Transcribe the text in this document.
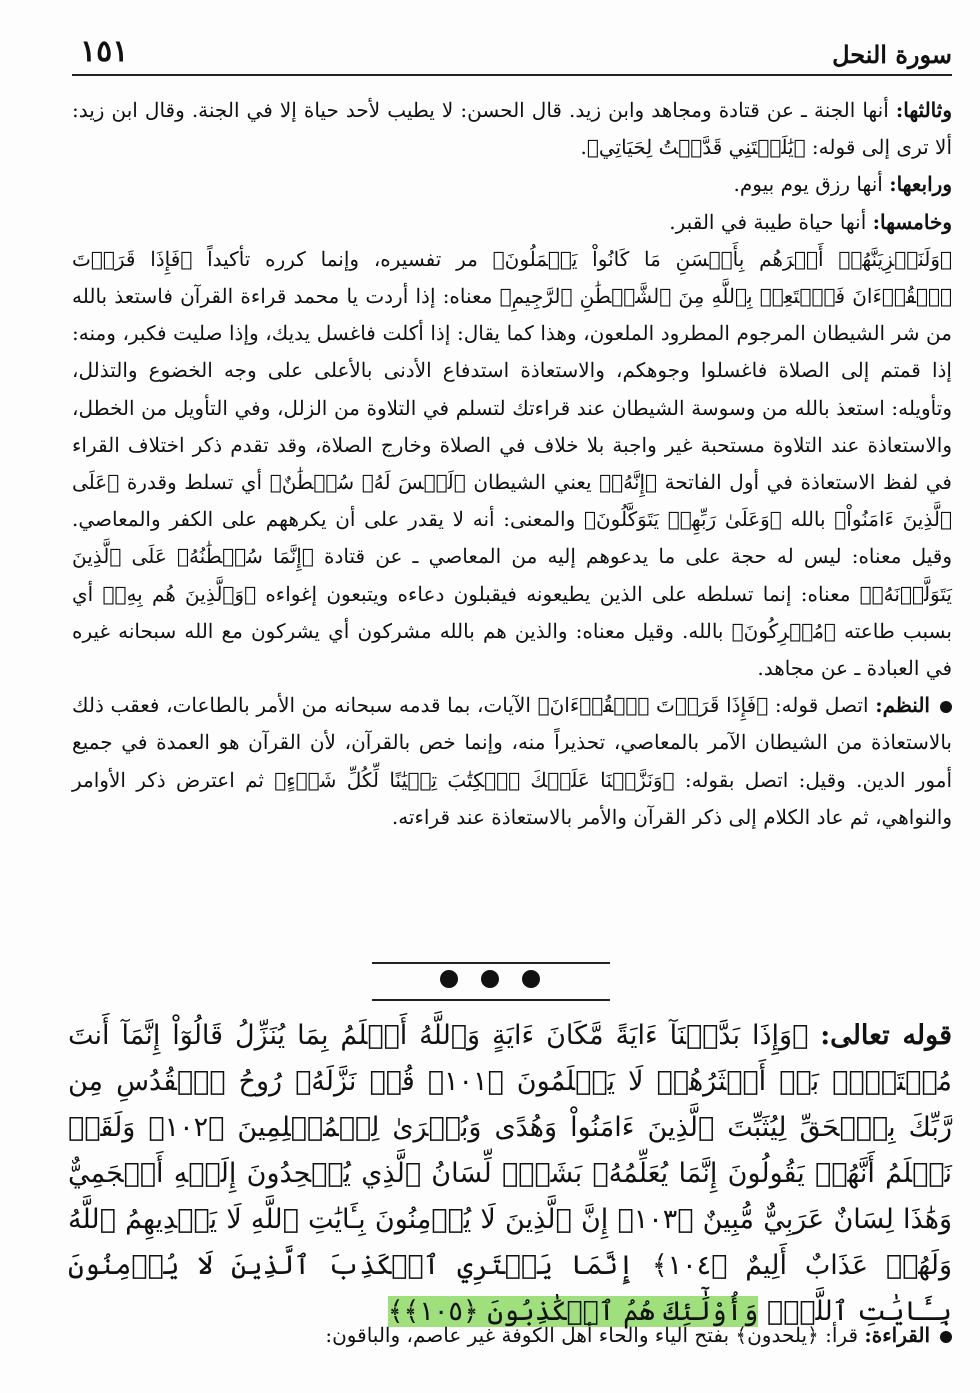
سورة النحل
١٥١

وثالثها: أنها الجنة ـ عن قتادة ومجاهد وابن زيد. قال الحسن: لا يطيب لأحد حياة إلا في الجنة. وقال ابن زيد: ألا ترى إلى قوله: ﴿يَٰلَيۡتَنِي قَدَّمۡتُ لِحَيَاتِي﴾.

ورابعها: أنها رزق يوم بيوم.

وخامسها: أنها حياة طيبة في القبر.

﴿وَلَنَجۡزِيَنَّهُمۡ أَجۡرَهُم بِأَحۡسَنِ مَا كَانُواْ يَعۡمَلُونَ﴾ مر تفسيره، وإنما كرره تأكيداً ﴿فَإِذَا قَرَأۡتَ ٱلۡقُرۡءَانَ فَٱسۡتَعِذۡ بِٱللَّهِ مِنَ ٱلشَّيۡطَٰنِ ٱلرَّجِيمِ﴾ معناه: إذا أردت يا محمد قراءة القرآن فاستعذ بالله من شر الشيطان المرجوم المطرود الملعون، وهذا كما يقال: إذا أكلت فاغسل يديك، وإذا صليت فكبر، ومنه: إذا قمتم إلى الصلاة فاغسلوا وجوهكم، والاستعاذة استدفاع الأدنى بالأعلى على وجه الخضوع والتذلل، وتأويله: استعذ بالله من وسوسة الشيطان عند قراءتك لتسلم في التلاوة من الزلل، وفي التأويل من الخطل، والاستعاذة عند التلاوة مستحبة غير واجبة بلا خلاف في الصلاة وخارج الصلاة، وقد تقدم ذكر اختلاف القراء في لفظ الاستعاذة في أول الفاتحة ﴿إِنَّهُۥ﴾ يعني الشيطان ﴿لَيۡسَ لَهُۥ سُلۡطَٰنٌ﴾ أي تسلط وقدرة ﴿عَلَى ٱلَّذِينَ ءَامَنُواْ﴾ بالله ﴿وَعَلَىٰ رَبِّهِمۡ يَتَوَكَّلُونَ﴾ والمعنى: أنه لا يقدر على أن يكرههم على الكفر والمعاصي. وقيل معناه: ليس له حجة على ما يدعوهم إليه من المعاصي ـ عن قتادة ﴿إِنَّمَا سُلۡطَٰنُهُۥ عَلَى ٱلَّذِينَ يَتَوَلَّوۡنَهُۥ﴾ معناه: إنما تسلطه على الذين يطيعونه فيقبلون دعاءه ويتبعون إغواءه ﴿وَٱلَّذِينَ هُم بِهِۦ﴾ أي بسبب طاعته ﴿مُشۡرِكُونَ﴾ بالله. وقيل معناه: والذين هم بالله مشركون أي يشركون مع الله سبحانه غيره في العبادة ـ عن مجاهد.

النظم: اتصل قوله: ﴿فَإِذَا قَرَأۡتَ ٱلۡقُرۡءَانَ﴾ الآيات، بما قدمه سبحانه من الأمر بالطاعات، فعقب ذلك بالاستعاذة من الشيطان الآمر بالمعاصي، تحذيراً منه، وإنما خص بالقرآن، لأن القرآن هو العمدة في جميع أمور الدين. وقيل: اتصل بقوله: ﴿وَنَزَّلۡنَا عَلَيۡكَ ٱلۡكِتَٰبَ تِبۡيَٰنًا لِّكُلِّ شَيۡءٍ﴾ ثم اعترض ذكر الأوامر والنواهي، ثم عاد الكلام إلى ذكر القرآن والأمر بالاستعاذة عند قراءته.

قوله تعالى: ﴿وَإِذَا بَدَّلۡنَآ ءَايَةً مَّكَانَ ءَايَةٍ وَٱللَّهُ أَعۡلَمُ بِمَا يُنَزِّلُ قَالُوٓاْ إِنَّمَآ أَنتَ مُفۡتَرِۭۚ بَلۡ أَكۡثَرُهُمۡ لَا يَعۡلَمُونَ ﴿١٠١﴾ قُلۡ نَزَّلَهُۥ رُوحُ ٱلۡقُدُسِ مِن رَّبِّكَ بِٱلۡحَقِّ لِيُثَبِّتَ ٱلَّذِينَ ءَامَنُواْ وَهُدًى وَبُشۡرَىٰ لِلۡمُسۡلِمِينَ ﴿١٠٢﴾ وَلَقَدۡ نَعۡلَمُ أَنَّهُمۡ يَقُولُونَ إِنَّمَا يُعَلِّمُهُۥ بَشَرٌۗ لِّسَانُ ٱلَّذِي يُلۡحِدُونَ إِلَيۡهِ أَعۡجَمِيٌّ وَهَٰذَا لِسَانٌ عَرَبِيٌّ مُّبِينٌ ﴿١٠٣﴾ إِنَّ ٱلَّذِينَ لَا يُؤۡمِنُونَ بِـَٔايَٰتِ ٱللَّهِ لَا يَهۡدِيهِمُ ٱللَّهُ وَلَهُمۡ عَذَابٌ أَلِيمٌ ﴿١٠٤﴾ إِنَّمَا يَفۡتَرِي ٱلۡكَذِبَ ٱلَّذِينَ لَا يُؤۡمِنُونَ بِـَٔايَٰتِ ٱللَّهِۖ وَأُوْلَٰٓئِكَ هُمُ ٱلۡكَٰذِبُونَ ﴿١٠٥﴾﴾

القراءة: قرأ: ﴿يلحدون﴾ بفتح الياء والحاء أهل الكوفة غير عاصم، والباقون:
